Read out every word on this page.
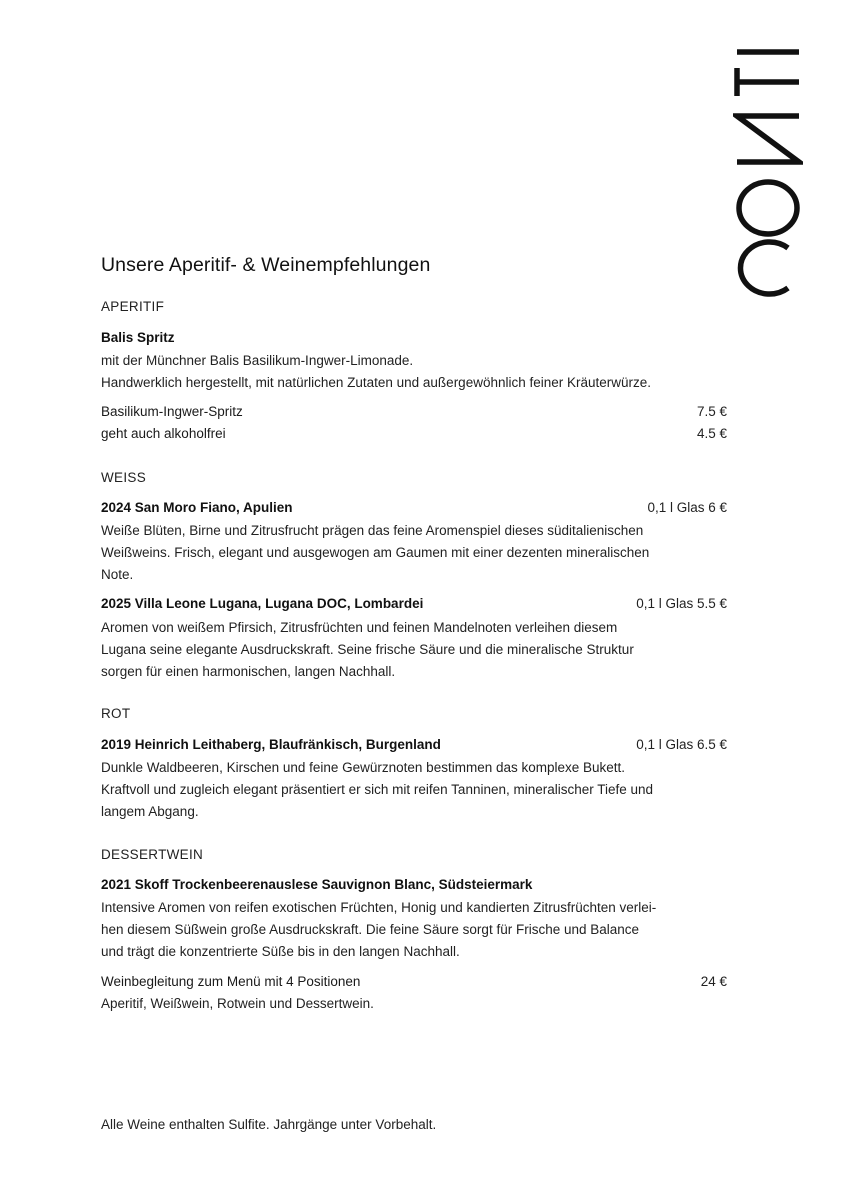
Unsere Aperitif- & Weinempfehlungen
APERITIF
Balis Spritz
mit der Münchner Balis Basilikum-Ingwer-Limonade.
Handwerklich hergestellt, mit natürlichen Zutaten und außergewöhnlich feiner Kräuterwürze.
Basilikum-Ingwer-Spritz	7.5 €
geht auch alkoholfrei	4.5 €
WEISS
2024 San Moro Fiano, Apulien	0,1 l Glas 6 €
Weiße Blüten, Birne und Zitrusfrucht prägen das feine Aromenspiel dieses süditalienischen
Weißweins. Frisch, elegant und ausgewogen am Gaumen mit einer dezenten mineralischen
Note.
2025 Villa Leone Lugana, Lugana DOC, Lombardei	0,1 l Glas 5.5 €
Aromen von weißem Pfirsich, Zitrusfrüchten und feinen Mandelnoten verleihen diesem
Lugana seine elegante Ausdruckskraft. Seine frische Säure und die mineralische Struktur
sorgen für einen harmonischen, langen Nachhall.
ROT
2019 Heinrich Leithaberg, Blaufränkisch, Burgenland	0,1 l Glas 6.5 €
Dunkle Waldbeeren, Kirschen und feine Gewürznoten bestimmen das komplexe Bukett.
Kraftvoll und zugleich elegant präsentiert er sich mit reifen Tanninen, mineralischer Tiefe und
langem Abgang.
DESSERTWEIN
2021 Skoff Trockenbeerenauslese Sauvignon Blanc, Südsteiermark
Intensive Aromen von reifen exotischen Früchten, Honig und kandierten Zitrusfrüchten verlei-
hen diesem Süßwein große Ausdruckskraft. Die feine Säure sorgt für Frische und Balance
und trägt die konzentrierte Süße bis in den langen Nachhall.
Weinbegleitung zum Menü mit 4 Positionen	24 €
Aperitif, Weißwein, Rotwein und Dessertwein.
Alle Weine enthalten Sulfite. Jahrgänge unter Vorbehalt.
